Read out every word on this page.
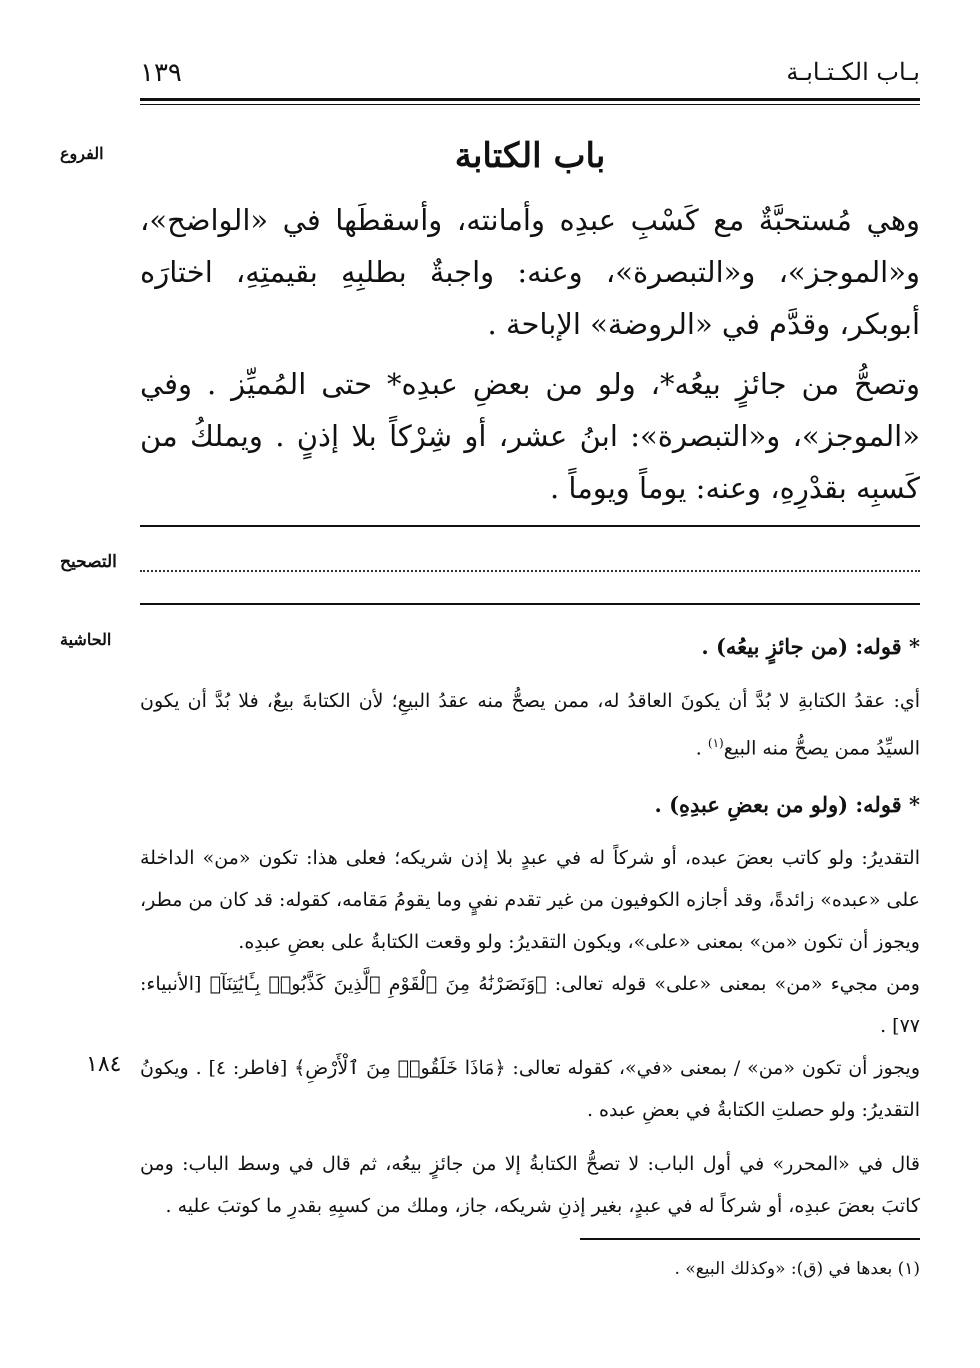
بـاب الكـتـابـة
١٣٩
الفروع
التصحيح
الحاشية
١٨٤
باب الكتابة
وهي مُستحبَّةٌ مع كَسْبِ عبدِه وأمانته، وأسقطَها في «الواضح»، و«الموجز»، و«التبصرة»، وعنه: واجبةٌ بطلبِهِ بقيمتِهِ، اختارَه أبوبكر، وقدَّم في «الروضة» الإباحة .
وتصحُّ من جائزٍ بيعُه*، ولو من بعضِ عبدِه* حتى المُميِّز . وفي «الموجز»، و«التبصرة»: ابنُ عشر، أو شِرْكاً بلا إذنٍ . ويملكُ من كَسبِه بقدْرِهِ، وعنه: يوماً ويوماً .
* قوله: (من جائزٍ بيعُه) .
أي: عقدُ الكتابةِ لا بُدَّ أن يكونَ العاقدُ له، ممن يصحُّ منه عقدُ البيعِ؛ لأن الكتابةَ بيعٌ، فلا بُدَّ أن يكون السيِّدُ ممن يصحُّ منه البيع$^{(١)}$ .
* قوله: (ولو من بعضِ عبدِهِ) .
التقديرُ: ولو كاتب بعضَ عبده، أو شركاً له في عبدٍ بلا إذن شريكه؛ فعلى هذا: تكون «من» الداخلة على «عبده» زائدةً، وقد أجازه الكوفيون من غير تقدم نفيٍ وما يقومُ مَقامه، كقوله: قد كان من مطر، ويجوز أن تكون «من» بمعنى «على»، ويكون التقديرُ: ولو وقعت الكتابةُ على بعضِ عبدِه.
ومن مجيء «من» بمعنى «على» قوله تعالى: ﴿وَنَصَرْنَٰهُ مِنَ ٱلْقَوْمِ ٱلَّذِينَ كَذَّبُوا۟ بِـَٔايَٰتِنَآ﴾ [الأنبياء: ٧٧] .
ويجوز أن تكون «من» / بمعنى «في»، كقوله تعالى: ﴿مَاذَا خَلَقُوا۟ مِنَ ٱلْأَرْضِ﴾ [فاطر: ٤] . ويكونُ التقديرُ: ولو حصلتِ الكتابةُ في بعضِ عبده .
قال في «المحرر» في أول الباب: لا تصحُّ الكتابةُ إلا من جائزٍ بيعُه، ثم قال في وسط الباب: ومن كاتبَ بعضَ عبدِه، أو شركاً له في عبدٍ، بغير إذنِ شريكه، جاز، وملك من كسبِهِ بقدرِ ما كوتبَ عليه .
(١) بعدها في (ق): «وكذلك البيع» .
